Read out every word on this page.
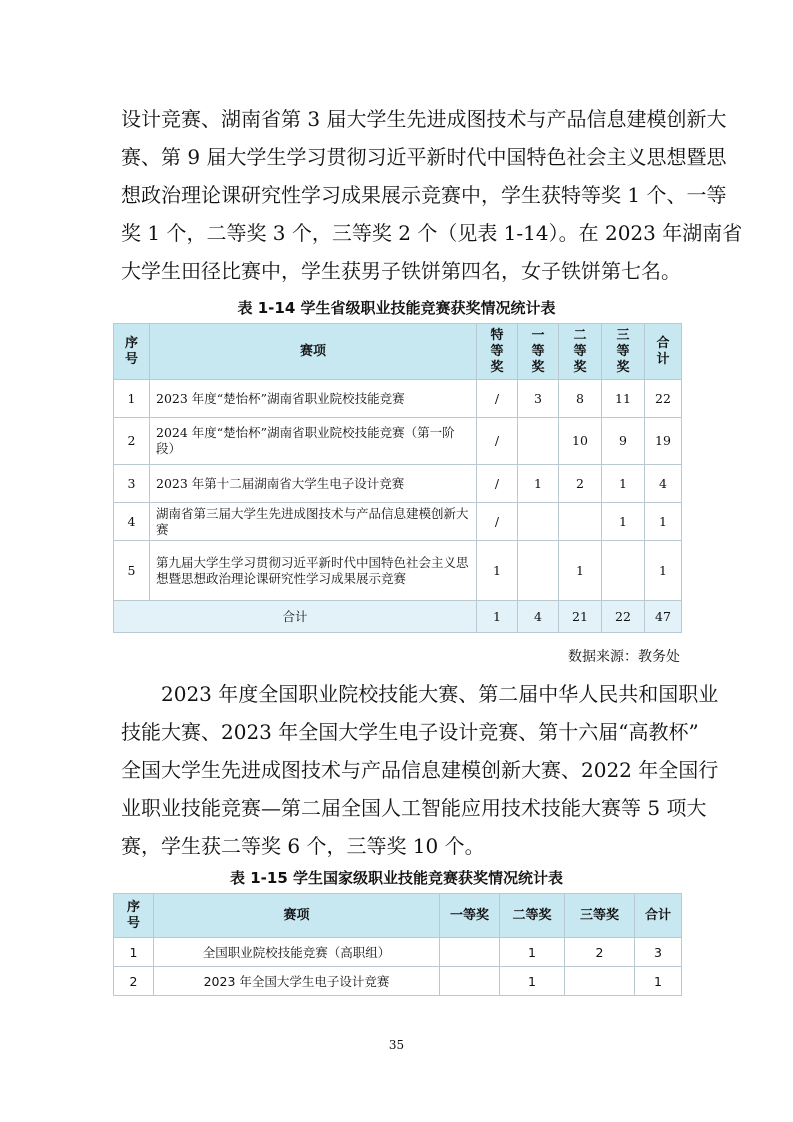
设计竞赛、湖南省第 3 届大学生先进成图技术与产品信息建模创新大
赛、第 9 届大学生学习贯彻习近平新时代中国特色社会主义思想暨思
想政治理论课研究性学习成果展示竞赛中，学生获特等奖 1 个、一等
奖 1 个，二等奖 3 个，三等奖 2 个（见表 1-14）。在 2023 年湖南省
大学生田径比赛中，学生获男子铁饼第四名，女子铁饼第七名。
表 1-14 学生省级职业技能竞赛获奖情况统计表
序
号	赛项	特
等
奖	一
等
奖	二
等
奖	三
等
奖	合
计
1	2023 年度“楚怡杯”湖南省职业院校技能竞赛	/	3	8	11	22
2	2024 年度“楚怡杯”湖南省职业院校技能竞赛（第一阶段）	/		10	9	19
3	2023 年第十二届湖南省大学生电子设计竞赛	/	1	2	1	4
4	湖南省第三届大学生先进成图技术与产品信息建模创新大赛	/			1	1
5	第九届大学生学习贯彻习近平新时代中国特色社会主义思想暨思想政治理论课研究性学习成果展示竞赛	1		1		1
合计		1	4	21	22	47
数据来源：教务处
2023 年度全国职业院校技能大赛、第二届中华人民共和国职业
技能大赛、2023 年全国大学生电子设计竞赛、第十六届“高教杯”
全国大学生先进成图技术与产品信息建模创新大赛、2022 年全国行
业职业技能竞赛—第二届全国人工智能应用技术技能大赛等 5 项大
赛，学生获二等奖 6 个，三等奖 10 个。
表 1-15 学生国家级职业技能竞赛获奖情况统计表
序
号	赛项	一等奖	二等奖	三等奖	合计
1	全国职业院校技能竞赛（高职组）		1	2	3
2	2023 年全国大学生电子设计竞赛		1		1
35
